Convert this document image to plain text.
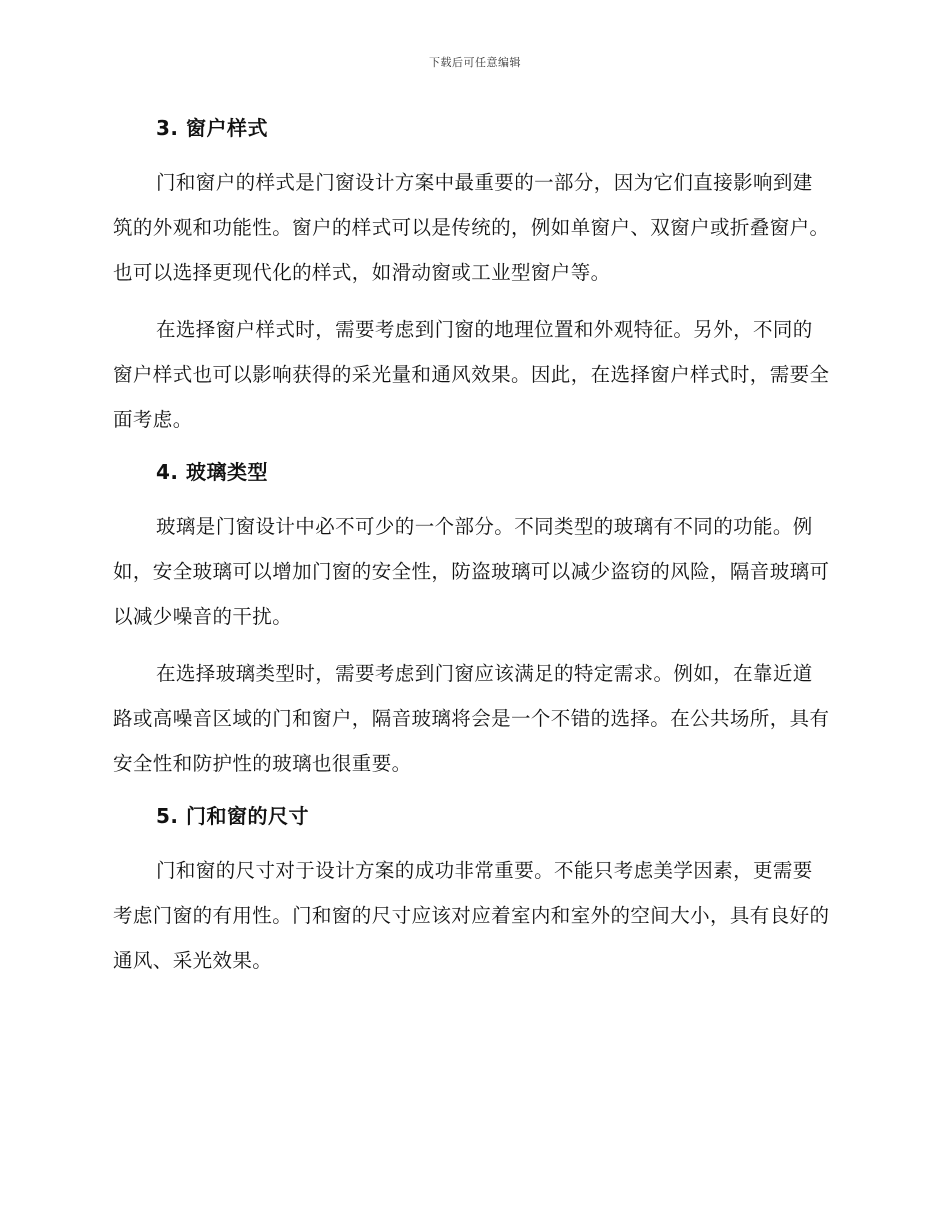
下载后可任意编辑
3. 窗户样式

门和窗户的样式是门窗设计方案中最重要的一部分，因为它们直接影响到建筑的外观和功能性。窗户的样式可以是传统的，例如单窗户、双窗户或折叠窗户。也可以选择更现代化的样式，如滑动窗或工业型窗户等。

在选择窗户样式时，需要考虑到门窗的地理位置和外观特征。另外，不同的窗户样式也可以影响获得的采光量和通风效果。因此，在选择窗户样式时，需要全面考虑。

4. 玻璃类型

玻璃是门窗设计中必不可少的一个部分。不同类型的玻璃有不同的功能。例如，安全玻璃可以增加门窗的安全性，防盗玻璃可以减少盗窃的风险，隔音玻璃可以减少噪音的干扰。

在选择玻璃类型时，需要考虑到门窗应该满足的特定需求。例如，在靠近道路或高噪音区域的门和窗户，隔音玻璃将会是一个不错的选择。在公共场所，具有安全性和防护性的玻璃也很重要。

5. 门和窗的尺寸

门和窗的尺寸对于设计方案的成功非常重要。不能只考虑美学因素，更需要考虑门窗的有用性。门和窗的尺寸应该对应着室内和室外的空间大小，具有良好的通风、采光效果。
